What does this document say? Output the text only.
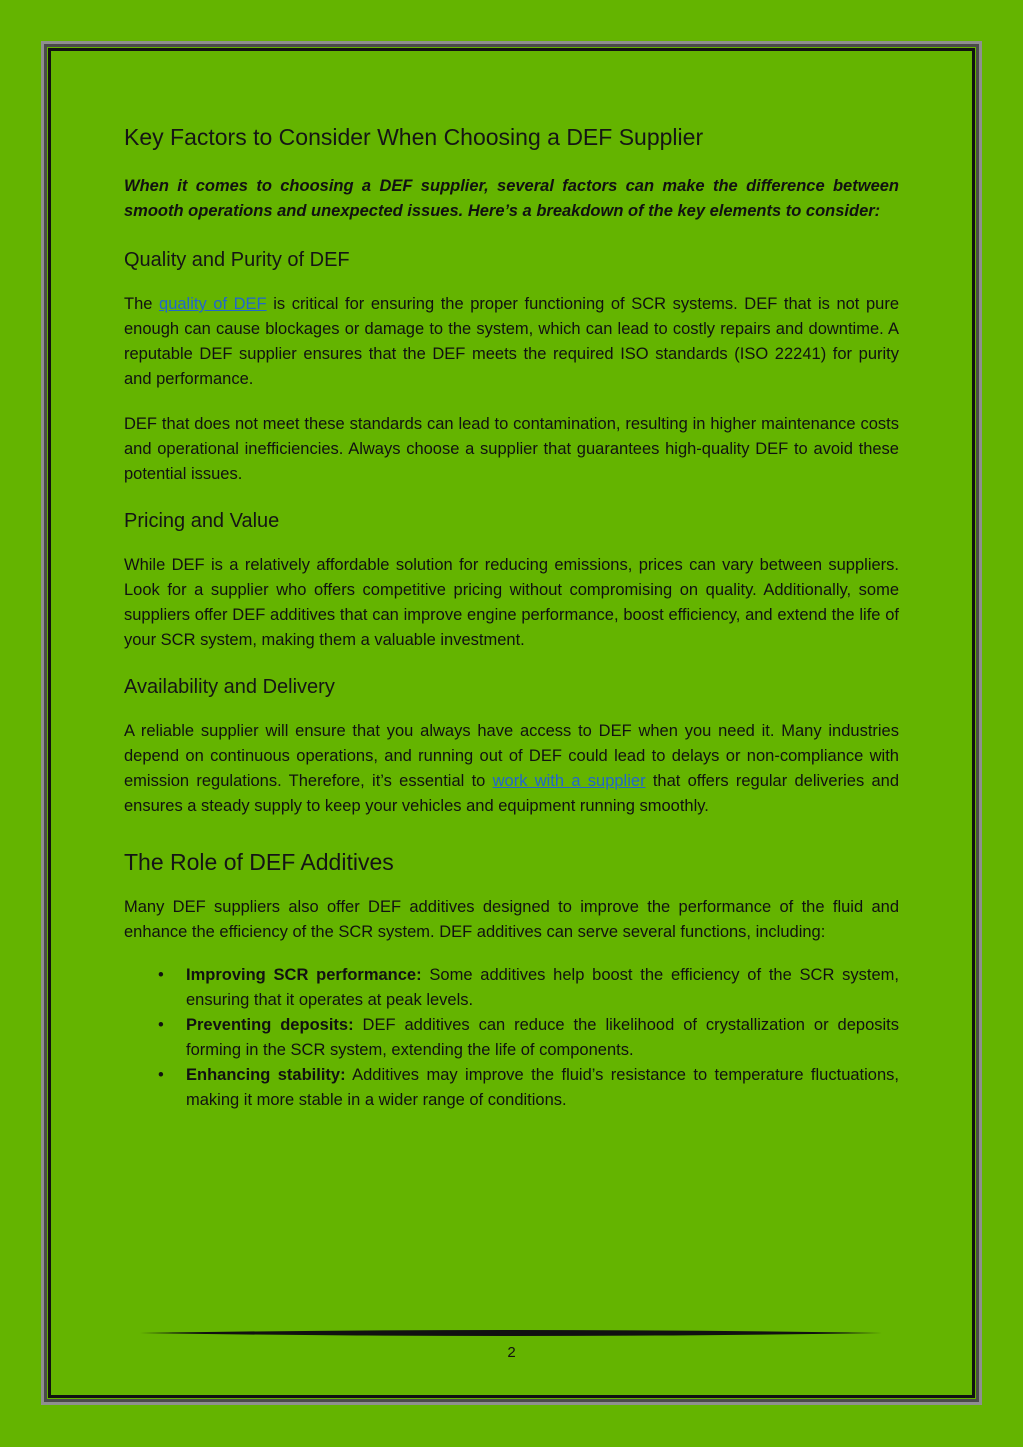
Key Factors to Consider When Choosing a DEF Supplier

When it comes to choosing a DEF supplier, several factors can make the difference between smooth operations and unexpected issues. Here’s a breakdown of the key elements to consider:

Quality and Purity of DEF

The quality of DEF is critical for ensuring the proper functioning of SCR systems. DEF that is not pure enough can cause blockages or damage to the system, which can lead to costly repairs and downtime. A reputable DEF supplier ensures that the DEF meets the required ISO standards (ISO 22241) for purity and performance.

DEF that does not meet these standards can lead to contamination, resulting in higher maintenance costs and operational inefficiencies. Always choose a supplier that guarantees high-quality DEF to avoid these potential issues.

Pricing and Value

While DEF is a relatively affordable solution for reducing emissions, prices can vary between suppliers. Look for a supplier who offers competitive pricing without compromising on quality. Additionally, some suppliers offer DEF additives that can improve engine performance, boost efficiency, and extend the life of your SCR system, making them a valuable investment.

Availability and Delivery

A reliable supplier will ensure that you always have access to DEF when you need it. Many industries depend on continuous operations, and running out of DEF could lead to delays or non-compliance with emission regulations. Therefore, it’s essential to work with a supplier that offers regular deliveries and ensures a steady supply to keep your vehicles and equipment running smoothly.

The Role of DEF Additives

Many DEF suppliers also offer DEF additives designed to improve the performance of the fluid and enhance the efficiency of the SCR system. DEF additives can serve several functions, including:

• Improving SCR performance: Some additives help boost the efficiency of the SCR system, ensuring that it operates at peak levels.
• Preventing deposits: DEF additives can reduce the likelihood of crystallization or deposits forming in the SCR system, extending the life of components.
• Enhancing stability: Additives may improve the fluid’s resistance to temperature fluctuations, making it more stable in a wider range of conditions.
2
